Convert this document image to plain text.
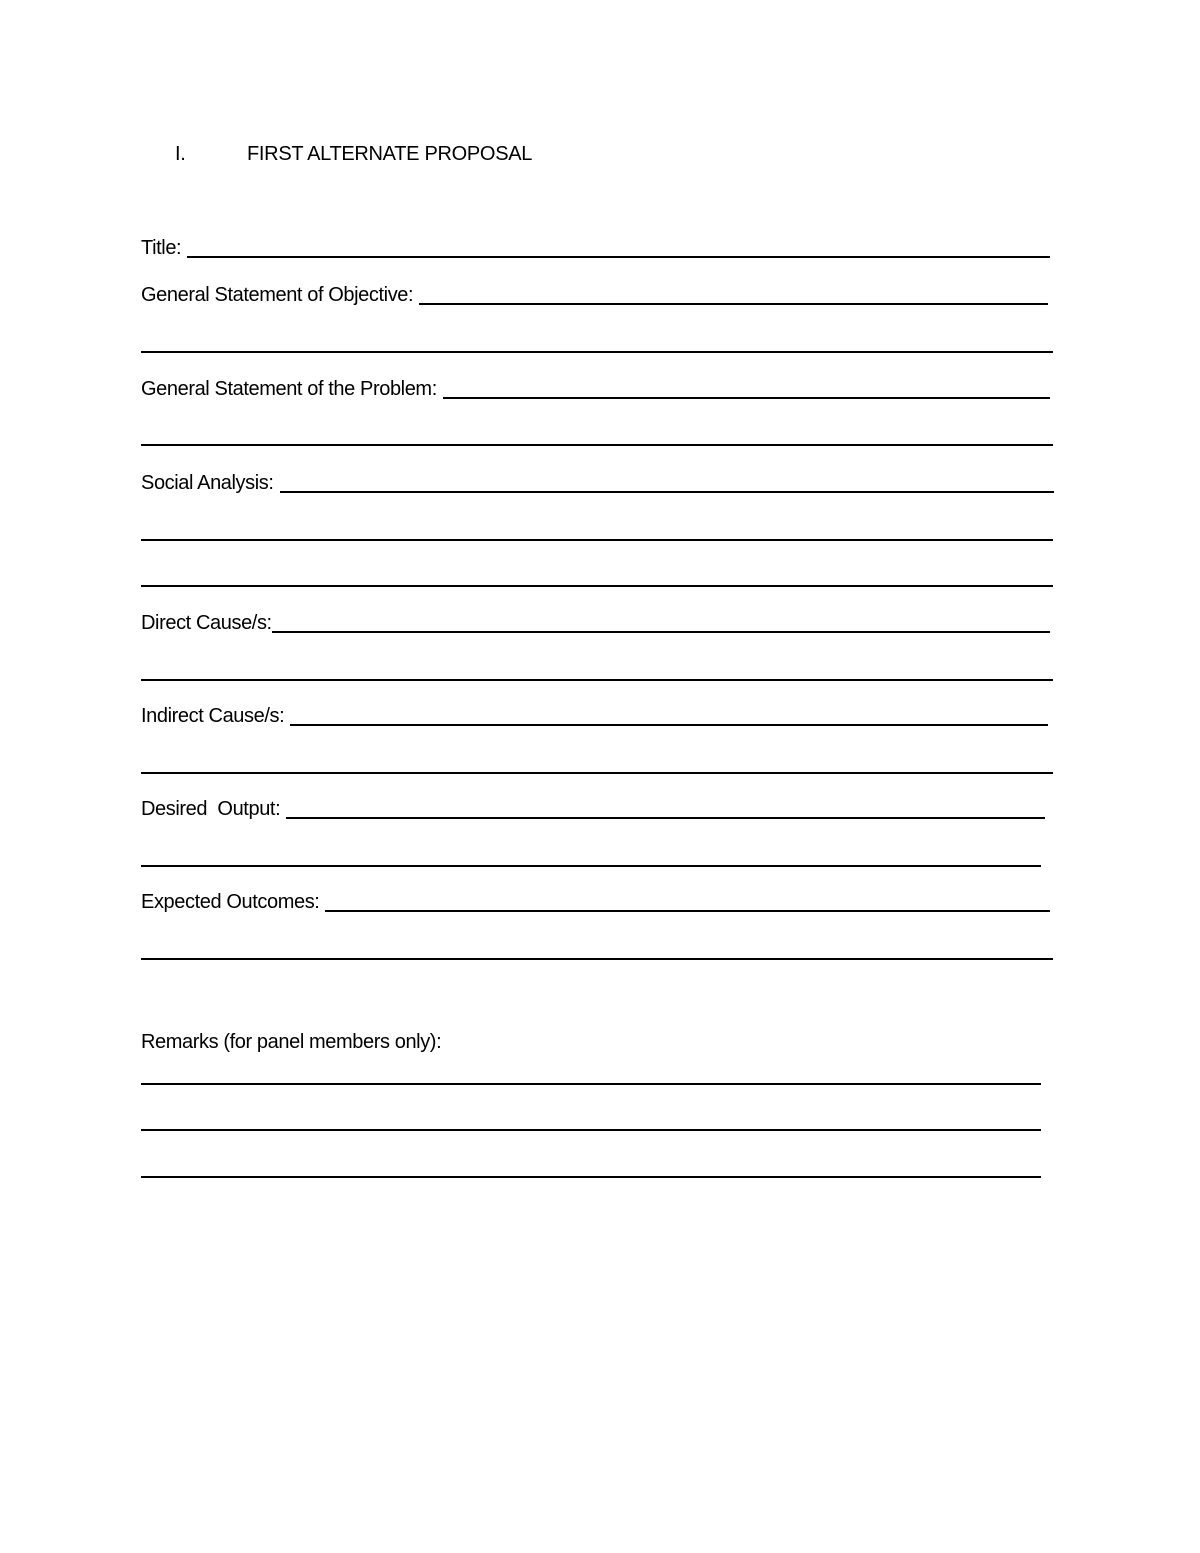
I.	FIRST ALTERNATE PROPOSAL
Title:
General Statement of Objective:
General Statement of the Problem:
Social Analysis:
Direct Cause/s:
Indirect Cause/s:
Desired  Output:
Expected Outcomes:
Remarks (for panel members only):
